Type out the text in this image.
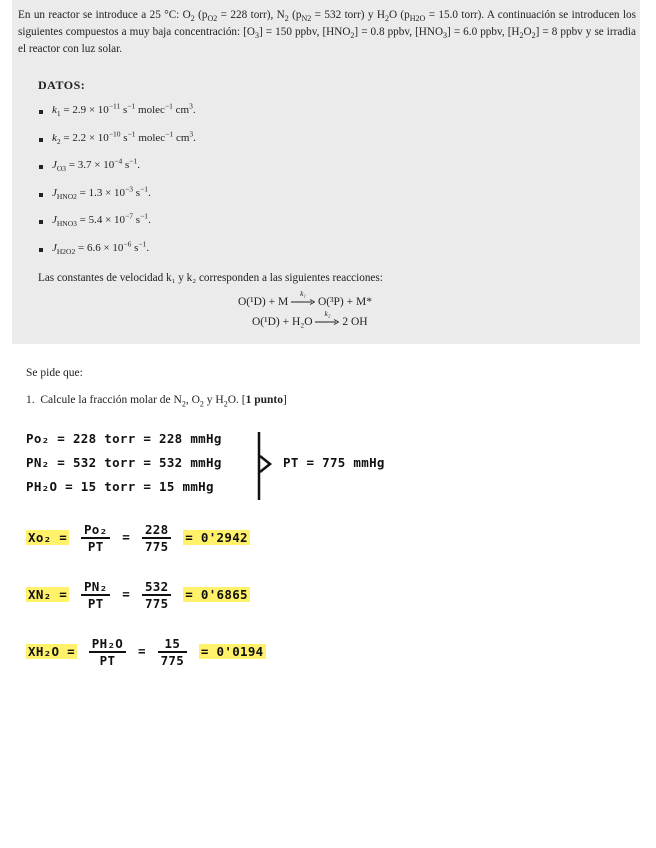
En un reactor se introduce a 25 °C: $O_2$ ($p_{O2} = 228$ torr), $N_2$ ($p_{N2} = 532$ torr) y $H_2O$ ($p_{H2O} = 15.0$ torr). A continuación se introducen los siguientes compuestos a muy baja concentración: $[O_3] = 150$ ppbv, $[HNO_2] = 0.8$ ppbv, $[HNO_3] = 6.0$ ppbv, $[H_2O_2] = 8$ ppbv y se irradia el reactor con luz solar.
DATOS:
$k_1 = 2.9 \times 10^{-11}$ $s^{-1}$ molec$^{-1}$ $cm^3$.
$k_2 = 2.2 \times 10^{-10}$ $s^{-1}$ molec$^{-1}$ $cm^3$.
$J_{O3} = 3.7 \times 10^{-4}$ $s^{-1}$.
$J_{HNO2} = 1.3 \times 10^{-3}$ $s^{-1}$.
$J_{HNO3} = 5.4 \times 10^{-7}$ $s^{-1}$.
$J_{H2O2} = 6.6 \times 10^{-6}$ $s^{-1}$.
Las constantes de velocidad k₁ y k₂ corresponden a las siguientes reacciones:
O(¹D) + M
k₁
O(³P) + M*
O(¹D) + H₂O
k₂
2 OH
Se pide que:
1. Calcule la fracción molar de $N_2$, $O_2$ y $H_2O$. [1 punto]
Po₂ = 228 torr = 228 mmHg
PN₂ = 532 torr = 532 mmHg
PH₂O = 15 torr = 15 mmHg
PT = 775 mmHg
$Xo_2 = \frac{\text{Po₂}}{PT} = \frac{228}{775} = 0'2942$
$XN_2 = \frac{\text{PN₂}}{PT} = \frac{532}{775} = 0'6865$
$XH_2O = \frac{\text{PH₂O}}{PT} = \frac{15}{775} = 0'0194$
